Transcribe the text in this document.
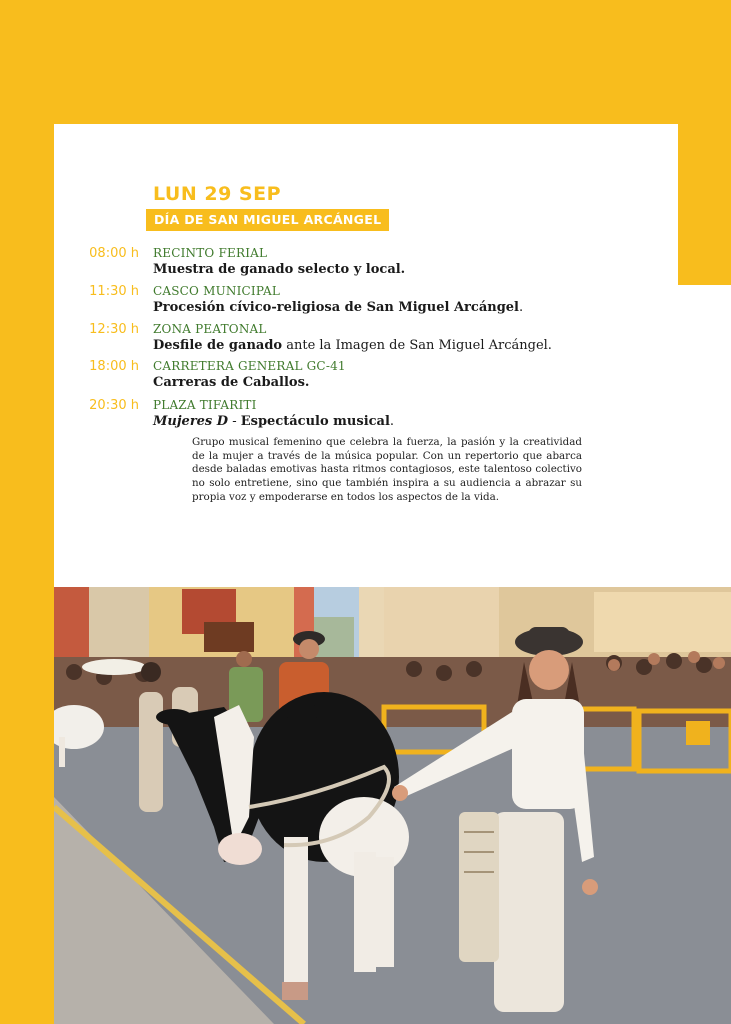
LUN 29 SEP
DÍA DE SAN MIGUEL ARCÁNGEL
08:00 h RECINTO FERIAL
Muestra de ganado selecto y local.
11:30 h CASCO MUNICIPAL
Procesión cívico-religiosa de San Miguel Arcángel.
12:30 h ZONA PEATONAL
Desfile de ganado ante la Imagen de San Miguel Arcángel.
18:00 h CARRETERA GENERAL GC-41
Carreras de Caballos.
20:30 h PLAZA TIFARITI
Mujeres D - Espectáculo musical.
Grupo musical femenino que celebra la fuerza, la pasión y la creatividad de la mujer a través de la música popular. Con un repertorio que abarca desde baladas emotivas hasta ritmos contagiosos, este talentoso colectivo no solo entretiene, sino que también inspira a su audiencia a abrazar su propia voz y empoderarse en todos los aspectos de la vida.
